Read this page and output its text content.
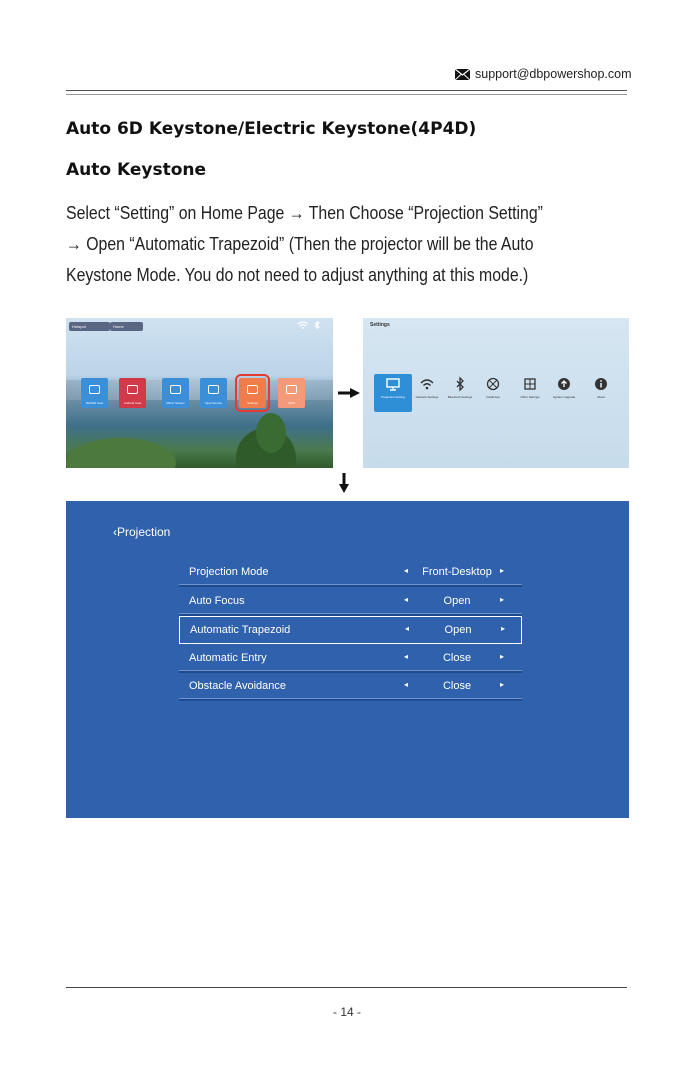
support@dbpowershop.com
Auto 6D Keystone/Electric Keystone(4P4D)
Auto Keystone
Select “Setting” on Home Page → Then Choose “Projection Setting”
→ Open “Automatic Trapezoid” (Then the projector will be the Auto
Keystone Mode. You do not need to adjust anything at this mode.)
Hotspot	Home
ISO/HD Cast	Android Cast	Mirror Screen	Input Source	Settings	WPS
Settings
Projection Setting	Network Settings	Bluetooth Settings	Install Apk	Other Settings	System Upgrade	About
‹Projection
Projection Mode	◂	Front-Desktop	▸
Auto Focus	◂	Open	▸
Automatic Trapezoid	◂	Open	▸
Automatic Entry	◂	Close	▸
Obstacle Avoidance	◂	Close	▸
- 14 -
